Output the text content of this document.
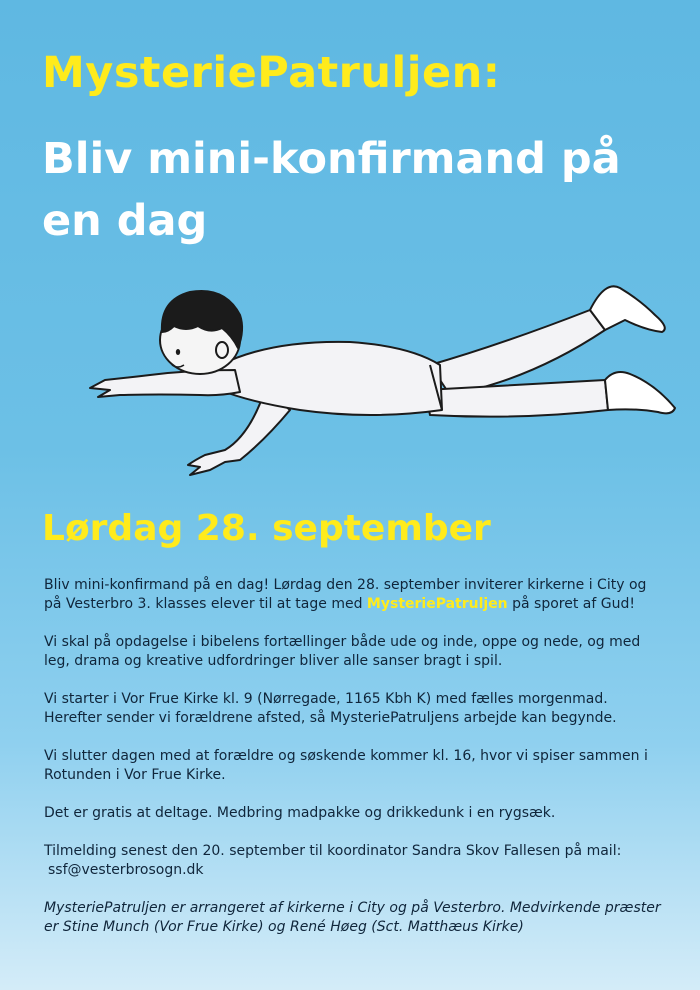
MysteriePatruljen:
Bliv mini-konfirmand på en dag
Lørdag 28. september

Bliv mini-konfirmand på en dag! Lørdag den 28. september inviterer kirkerne i City og på Vesterbro 3. klasses elever til at tage med MysteriePatruljen på sporet af Gud!

Vi skal på opdagelse i bibelens fortællinger både ude og inde, oppe og nede, og med leg, drama og kreative udfordringer bliver alle sanser bragt i spil.

Vi starter i Vor Frue Kirke kl. 9 (Nørregade, 1165 Kbh K) med fælles morgenmad. Herefter sender vi forældrene afsted, så MysteriePatruljens arbejde kan begynde.

Vi slutter dagen med at forældre og søskende kommer kl. 16, hvor vi spiser sammen i Rotunden i Vor Frue Kirke.

Det er gratis at deltage. Medbring madpakke og drikkedunk i en rygsæk.

Tilmelding senest den 20. september til koordinator Sandra Skov Fallesen på mail:
ssf@vesterbrosogn.dk

MysteriePatruljen er arrangeret af kirkerne i City og på Vesterbro. Medvirkende præster er Stine Munch (Vor Frue Kirke) og René Høeg (Sct. Matthæus Kirke)
